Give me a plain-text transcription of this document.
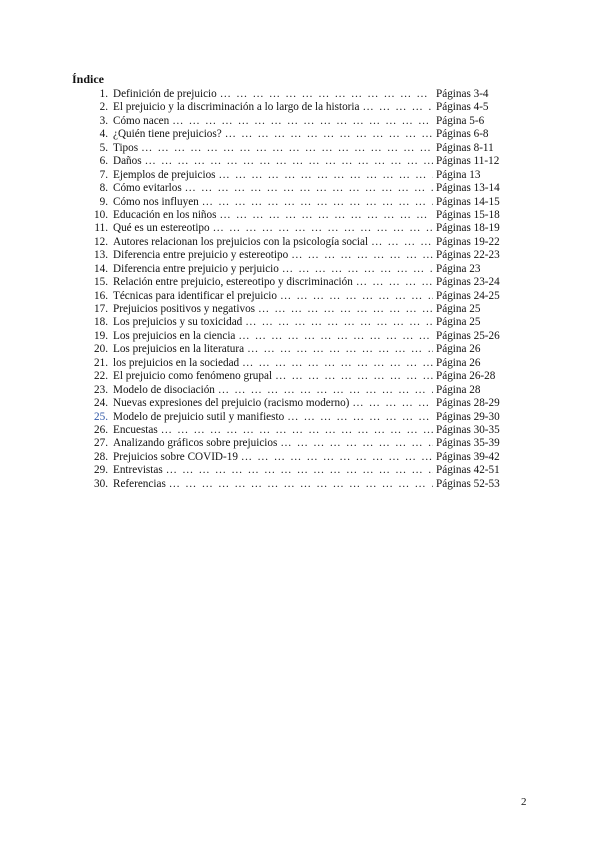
Índice
1. Definición de prejuicio … … … … … … … … … … … … … … … … … … … … … … … … … … … … … … … … … … … … … … … … … … … … … … … … … … … …	Páginas 3-4
2. El prejuicio y la discriminación a lo largo de la historia … … … … … … … … … … … … … … … … … … … … … … … … … … … … … … … … … … … … … … … … … … … … … … … … … … … …	Páginas 4-5
3. Cómo nacen … … … … … … … … … … … … … … … … … … … … … … … … … … … … … … … … … … … … … … … … … … … … … … … … … … … …	Página 5-6
4. ¿Quién tiene prejuicios? … … … … … … … … … … … … … … … … … … … … … … … … … … … … … … … … … … … … … … … … … … … … … … … … … … … …	Páginas 6-8
5. Tipos … … … … … … … … … … … … … … … … … … … … … … … … … … … … … … … … … … … … … … … … … … … … … … … … … … … …	Páginas 8-11
6. Daños … … … … … … … … … … … … … … … … … … … … … … … … … … … … … … … … … … … … … … … … … … … … … … … … … … … …	Páginas 11-12
7. Ejemplos de prejuicios … … … … … … … … … … … … … … … … … … … … … … … … … … … … … … … … … … … … … … … … … … … … … … … … … … … …	Página 13
8. Cómo evitarlos … … … … … … … … … … … … … … … … … … … … … … … … … … … … … … … … … … … … … … … … … … … … … … … … … … … …	Páginas 13-14
9. Cómo nos influyen … … … … … … … … … … … … … … … … … … … … … … … … … … … … … … … … … … … … … … … … … … … … … … … … … … … …	Páginas 14-15
10. Educación en los niños … … … … … … … … … … … … … … … … … … … … … … … … … … … … … … … … … … … … … … … … … … … … … … … … … … … …	Páginas 15-18
11. Qué es un estereotipo … … … … … … … … … … … … … … … … … … … … … … … … … … … … … … … … … … … … … … … … … … … … … … … … … … … …	Páginas 18-19
12. Autores relacionan los prejuicios con la psicología social … … … … … … … … … … … … … … … … … … … … … … … … … … … … … … … … … … … … … … … … … … … … … … … … … … … …	Páginas 19-22
13. Diferencia entre prejuicio y estereotipo … … … … … … … … … … … … … … … … … … … … … … … … … … … … … … … … … … … … … … … … … … … … … … … … … … … …	Páginas 22-23
14. Diferencia entre prejuicio y perjuicio … … … … … … … … … … … … … … … … … … … … … … … … … … … … … … … … … … … … … … … … … … … … … … … … … … … …	Página 23
15. Relación entre prejuicio, estereotipo y discriminación … … … … … … … … … … … … … … … … … … … … … … … … … … … … … … … … … … … … … … … … … … … … … … … … … … … …	Páginas 23-24
16. Técnicas para identificar el prejuicio … … … … … … … … … … … … … … … … … … … … … … … … … … … … … … … … … … … … … … … … … … … … … … … … … … … …	Páginas 24-25
17. Prejuicios positivos y negativos … … … … … … … … … … … … … … … … … … … … … … … … … … … … … … … … … … … … … … … … … … … … … … … … … … … …	Página 25
18. Los prejuicios y su toxicidad … … … … … … … … … … … … … … … … … … … … … … … … … … … … … … … … … … … … … … … … … … … … … … … … … … … …	Página 25
19. Los prejuicios en la ciencia … … … … … … … … … … … … … … … … … … … … … … … … … … … … … … … … … … … … … … … … … … … … … … … … … … … …	Páginas 25-26
20. Los prejuicios en la literatura … … … … … … … … … … … … … … … … … … … … … … … … … … … … … … … … … … … … … … … … … … … … … … … … … … … …	Página 26
21. los prejuicios en la sociedad … … … … … … … … … … … … … … … … … … … … … … … … … … … … … … … … … … … … … … … … … … … … … … … … … … … …	Página 26
22. El prejuicio como fenómeno grupal … … … … … … … … … … … … … … … … … … … … … … … … … … … … … … … … … … … … … … … … … … … … … … … … … … … …	Página 26-28
23. Modelo de disociación … … … … … … … … … … … … … … … … … … … … … … … … … … … … … … … … … … … … … … … … … … … … … … … … … … … …	Página 28
24. Nuevas expresiones del prejuicio (racismo moderno) … … … … … … … … … … … … … … … … … … … … … … … … … … … … … … … … … … … … … … … … … … … … … … … … … … … …	Páginas 28-29
25. Modelo de prejuicio sutil y manifiesto … … … … … … … … … … … … … … … … … … … … … … … … … … … … … … … … … … … … … … … … … … … … … … … … … … … …	Páginas 29-30
26. Encuestas … … … … … … … … … … … … … … … … … … … … … … … … … … … … … … … … … … … … … … … … … … … … … … … … … … … …	Páginas 30-35
27. Analizando gráficos sobre prejuicios … … … … … … … … … … … … … … … … … … … … … … … … … … … … … … … … … … … … … … … … … … … … … … … … … … … …	Páginas 35-39
28. Prejuicios sobre COVID-19 … … … … … … … … … … … … … … … … … … … … … … … … … … … … … … … … … … … … … … … … … … … … … … … … … … … …	Páginas 39-42
29. Entrevistas … … … … … … … … … … … … … … … … … … … … … … … … … … … … … … … … … … … … … … … … … … … … … … … … … … … …	Páginas 42-51
30. Referencias … … … … … … … … … … … … … … … … … … … … … … … … … … … … … … … … … … … … … … … … … … … … … … … … … … … …	Páginas 52-53
2
